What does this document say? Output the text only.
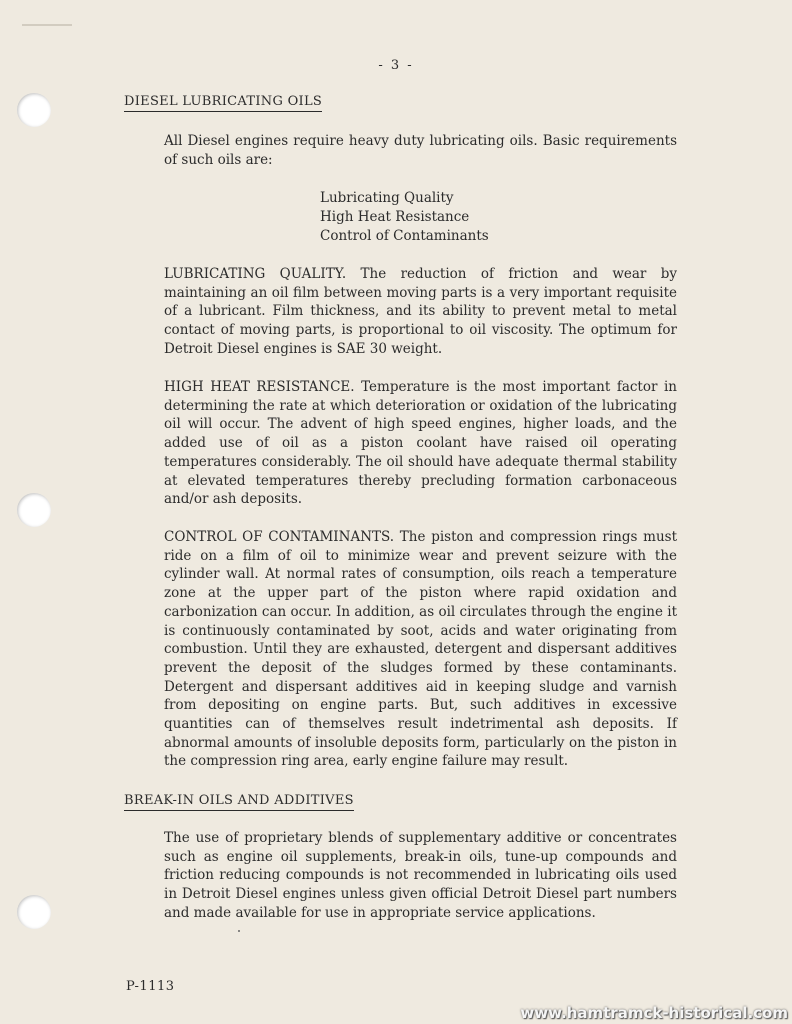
- 3 -
DIESEL LUBRICATING OILS

All Diesel engines require heavy duty lubricating oils. Basic requirements of such oils are:

Lubricating Quality
High Heat Resistance
Control of Contaminants

LUBRICATING QUALITY. The reduction of friction and wear by maintaining an oil film between moving parts is a very important requisite of a lubricant. Film thickness, and its ability to prevent metal to metal contact of moving parts, is proportional to oil viscosity. The optimum for Detroit Diesel engines is SAE 30 weight.

HIGH HEAT RESISTANCE. Temperature is the most important factor in determining the rate at which deterioration or oxidation of the lubricating oil will occur. The advent of high speed engines, higher loads, and the added use of oil as a piston coolant have raised oil operating temperatures considerably. The oil should have adequate thermal stability at elevated temperatures thereby precluding formation carbonaceous and/or ash deposits.

CONTROL OF CONTAMINANTS. The piston and compression rings must ride on a film of oil to minimize wear and prevent seizure with the cylinder wall. At normal rates of consumption, oils reach a temperature zone at the upper part of the piston where rapid oxidation and carbonization can occur. In addition, as oil circulates through the engine it is continuously contaminated by soot, acids and water originating from combustion. Until they are exhausted, detergent and dispersant additives prevent the deposit of the sludges formed by these contaminants. Detergent and dispersant additives aid in keeping sludge and varnish from depositing on engine parts. But, such additives in excessive quantities can of themselves result indetrimental ash deposits. If abnormal amounts of insoluble deposits form, particularly on the piston in the compression ring area, early engine failure may result.

BREAK-IN OILS AND ADDITIVES

The use of proprietary blends of supplementary additive or concentrates such as engine oil supplements, break-in oils, tune-up compounds and friction reducing compounds is not recommended in lubricating oils used in Detroit Diesel engines unless given official Detroit Diesel part numbers and made available for use in appropriate service applications.

P-1113
www.hamtramck-historical.com
